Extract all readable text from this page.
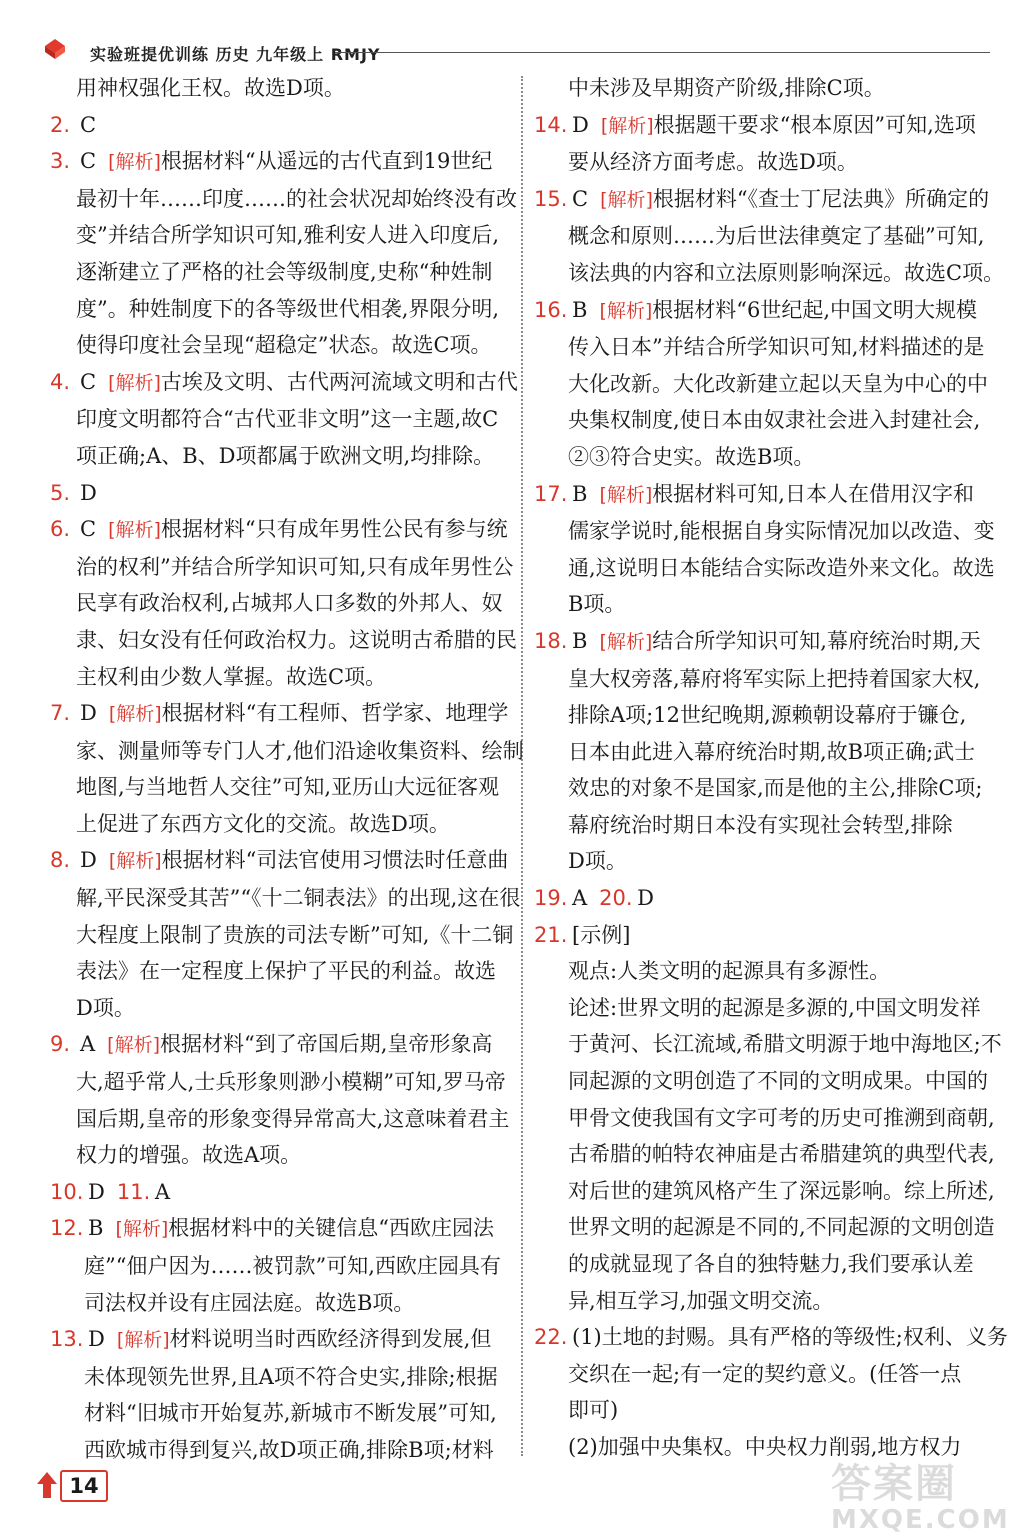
实验班提优训练 历史 九年级上 RMJY
用神权强化王权。故选D项。
2. C
3. C [解析]根据材料“从遥远的古代直到19世纪
最初十年……印度……的社会状况却始终没有改
变”并结合所学知识可知,雅利安人进入印度后,
逐渐建立了严格的社会等级制度,史称“种姓制
度”。种姓制度下的各等级世代相袭,界限分明,
使得印度社会呈现“超稳定”状态。故选C项。
4. C [解析]古埃及文明、古代两河流域文明和古代
印度文明都符合“古代亚非文明”这一主题,故C
项正确;A、B、D项都属于欧洲文明,均排除。
5. D
6. C [解析]根据材料“只有成年男性公民有参与统
治的权利”并结合所学知识可知,只有成年男性公
民享有政治权利,占城邦人口多数的外邦人、奴
隶、妇女没有任何政治权力。这说明古希腊的民
主权利由少数人掌握。故选C项。
7. D [解析]根据材料“有工程师、哲学家、地理学
家、测量师等专门人才,他们沿途收集资料、绘制
地图,与当地哲人交往”可知,亚历山大远征客观
上促进了东西方文化的交流。故选D项。
8. D [解析]根据材料“司法官使用习惯法时任意曲
解,平民深受其苦”“《十二铜表法》的出现,这在很
大程度上限制了贵族的司法专断”可知,《十二铜
表法》在一定程度上保护了平民的利益。故选
D项。
9. A [解析]根据材料“到了帝国后期,皇帝形象高
大,超乎常人,士兵形象则渺小模糊”可知,罗马帝
国后期,皇帝的形象变得异常高大,这意味着君主
权力的增强。故选A项。
10. D 11. A
12. B [解析]根据材料中的关键信息“西欧庄园法
庭”“佃户因为……被罚款”可知,西欧庄园具有
司法权并设有庄园法庭。故选B项。
13. D [解析]材料说明当时西欧经济得到发展,但
未体现领先世界,且A项不符合史实,排除;根据
材料“旧城市开始复苏,新城市不断发展”可知,
西欧城市得到复兴,故D项正确,排除B项;材料
中未涉及早期资产阶级,排除C项。
14. D [解析]根据题干要求“根本原因”可知,选项
要从经济方面考虑。故选D项。
15. C [解析]根据材料“《查士丁尼法典》所确定的
概念和原则……为后世法律奠定了基础”可知,
该法典的内容和立法原则影响深远。故选C项。
16. B [解析]根据材料“6世纪起,中国文明大规模
传入日本”并结合所学知识可知,材料描述的是
大化改新。大化改新建立起以天皇为中心的中
央集权制度,使日本由奴隶社会进入封建社会,
②③符合史实。故选B项。
17. B [解析]根据材料可知,日本人在借用汉字和
儒家学说时,能根据自身实际情况加以改造、变
通,这说明日本能结合实际改造外来文化。故选
B项。
18. B [解析]结合所学知识可知,幕府统治时期,天
皇大权旁落,幕府将军实际上把持着国家大权,
排除A项;12世纪晚期,源赖朝设幕府于镰仓,
日本由此进入幕府统治时期,故B项正确;武士
效忠的对象不是国家,而是他的主公,排除C项;
幕府统治时期日本没有实现社会转型,排除
D项。
19. A 20. D
21. [示例]
观点:人类文明的起源具有多源性。
论述:世界文明的起源是多源的,中国文明发祥
于黄河、长江流域,希腊文明源于地中海地区;不
同起源的文明创造了不同的文明成果。中国的
甲骨文使我国有文字可考的历史可推溯到商朝,
古希腊的帕特农神庙是古希腊建筑的典型代表,
对后世的建筑风格产生了深远影响。综上所述,
世界文明的起源是不同的,不同起源的文明创造
的成就显现了各自的独特魅力,我们要承认差
异,相互学习,加强文明交流。
22. (1)土地的封赐。具有严格的等级性;权利、义务
交织在一起;有一定的契约意义。(任答一点
即可)
(2)加强中央集权。中央权力削弱,地方权力
14	答案圈
MXQE.COM
